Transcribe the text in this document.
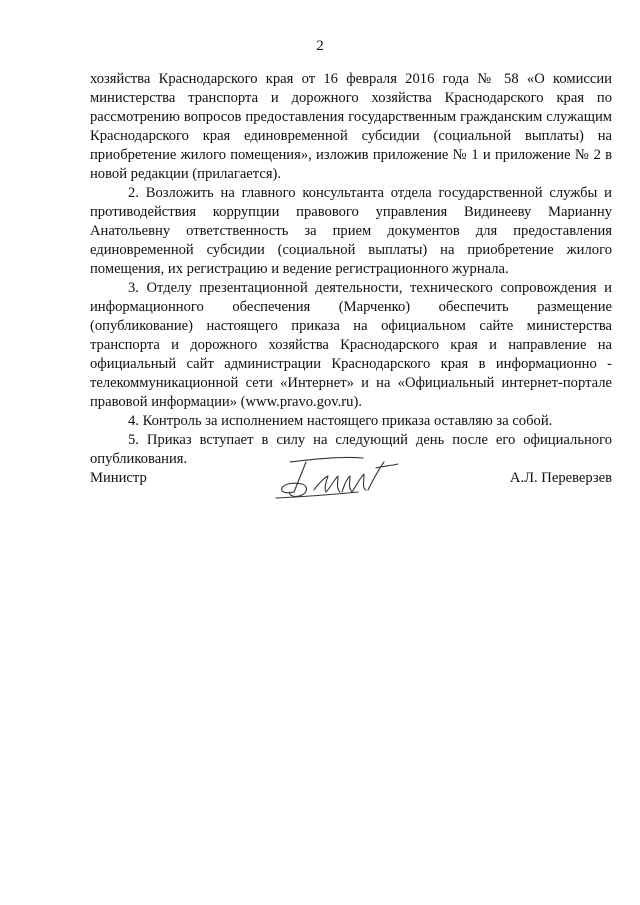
2

хозяйства Краснодарского края от 16 февраля 2016 года № 58 «О комиссии министерства транспорта и дорожного хозяйства Краснодарского края по рассмотрению вопросов предоставления государственным гражданским служащим Краснодарского края единовременной субсидии (социальной выплаты) на приобретение жилого помещения», изложив приложение № 1 и приложение № 2 в новой редакции (прилагается).

2. Возложить на главного консультанта отдела государственной службы и противодействия коррупции правового управления Видинееву Марианну Анатольевну ответственность за прием документов для предоставления единовременной субсидии (социальной выплаты) на приобретение жилого помещения, их регистрацию и ведение регистрационного журнала.

3. Отделу презентационной деятельности, технического сопровождения и информационного обеспечения (Марченко) обеспечить размещение (опубликование) настоящего приказа на официальном сайте министерства транспорта и дорожного хозяйства Краснодарского края и направление на официальный сайт администрации Краснодарского края в информационно - телекоммуникационной сети «Интернет» и на «Официальный интернет-портале правовой информации» (www.pravo.gov.ru).

4. Контроль за исполнением настоящего приказа оставляю за собой.

5. Приказ вступает в силу на следующий день после его официального опубликования.

Министр	А.Л. Переверзев
